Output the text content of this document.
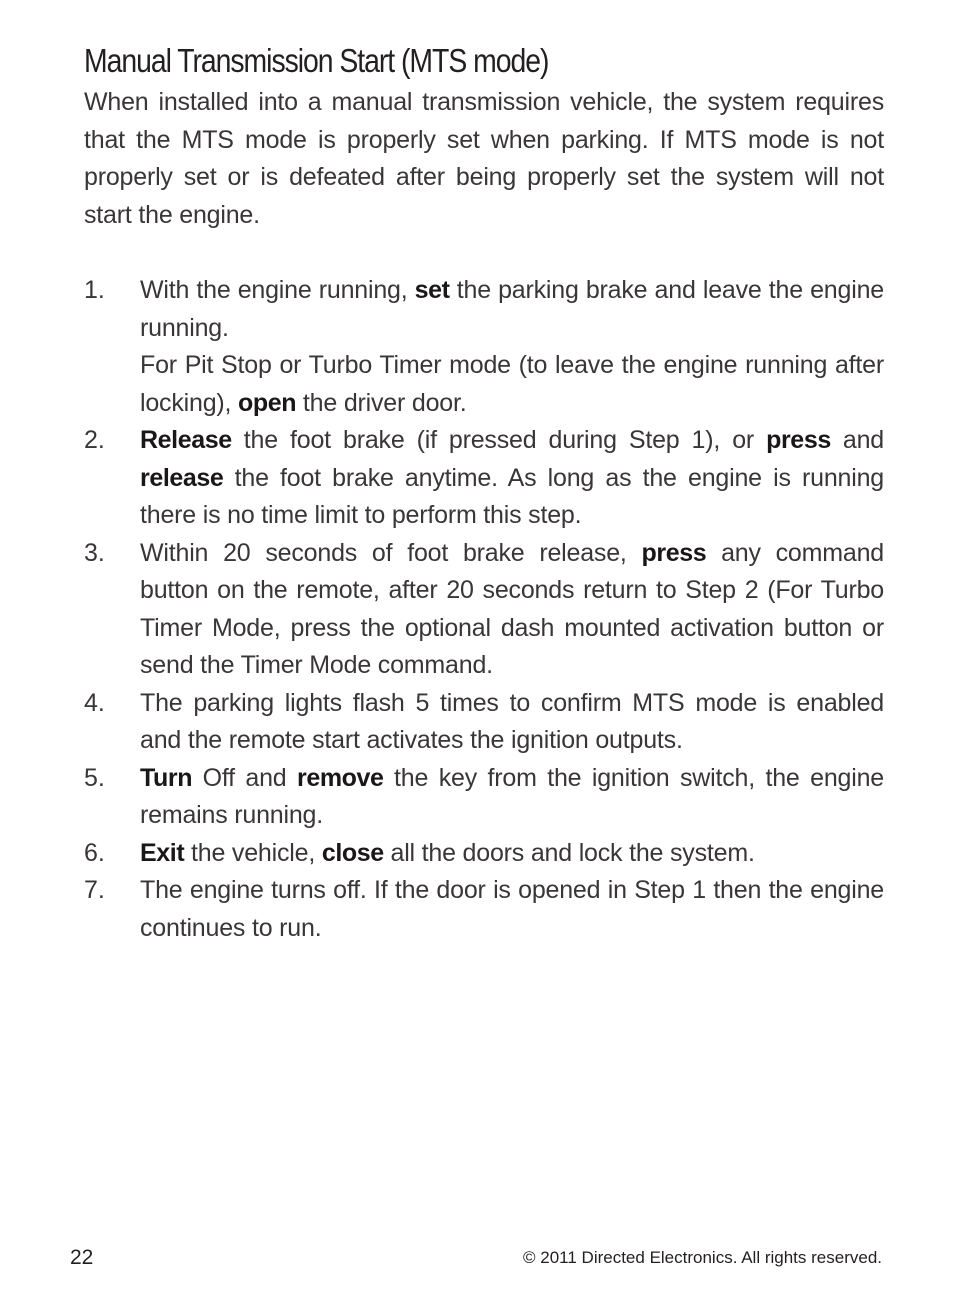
Manual Transmission Start (MTS mode)

When installed into a manual transmission vehicle, the system requires that the MTS mode is properly set when parking. If MTS mode is not properly set or is defeated after being properly set the system will not start the engine.

1.	With the engine running, set the parking brake and leave the engine running.

For Pit Stop or Turbo Timer mode (to leave the engine running after locking), open the driver door.

2.	Release the foot brake (if pressed during Step 1), or press and release the foot brake anytime. As long as the engine is running there is no time limit to perform this step.

3.	Within 20 seconds of foot brake release, press any command button on the remote, after 20 seconds return to Step 2 (For Turbo Timer Mode, press the optional dash mounted activation button or send the Timer Mode command.

4.	The parking lights flash 5 times to confirm MTS mode is enabled and the remote start activates the ignition outputs.

5.	Turn Off and remove the key from the ignition switch, the engine remains running.

6.	Exit the vehicle, close all the doors and lock the system.

7.	The engine turns off. If the door is opened in Step 1 then the engine continues to run.

22	© 2011 Directed Electronics. All rights reserved.
